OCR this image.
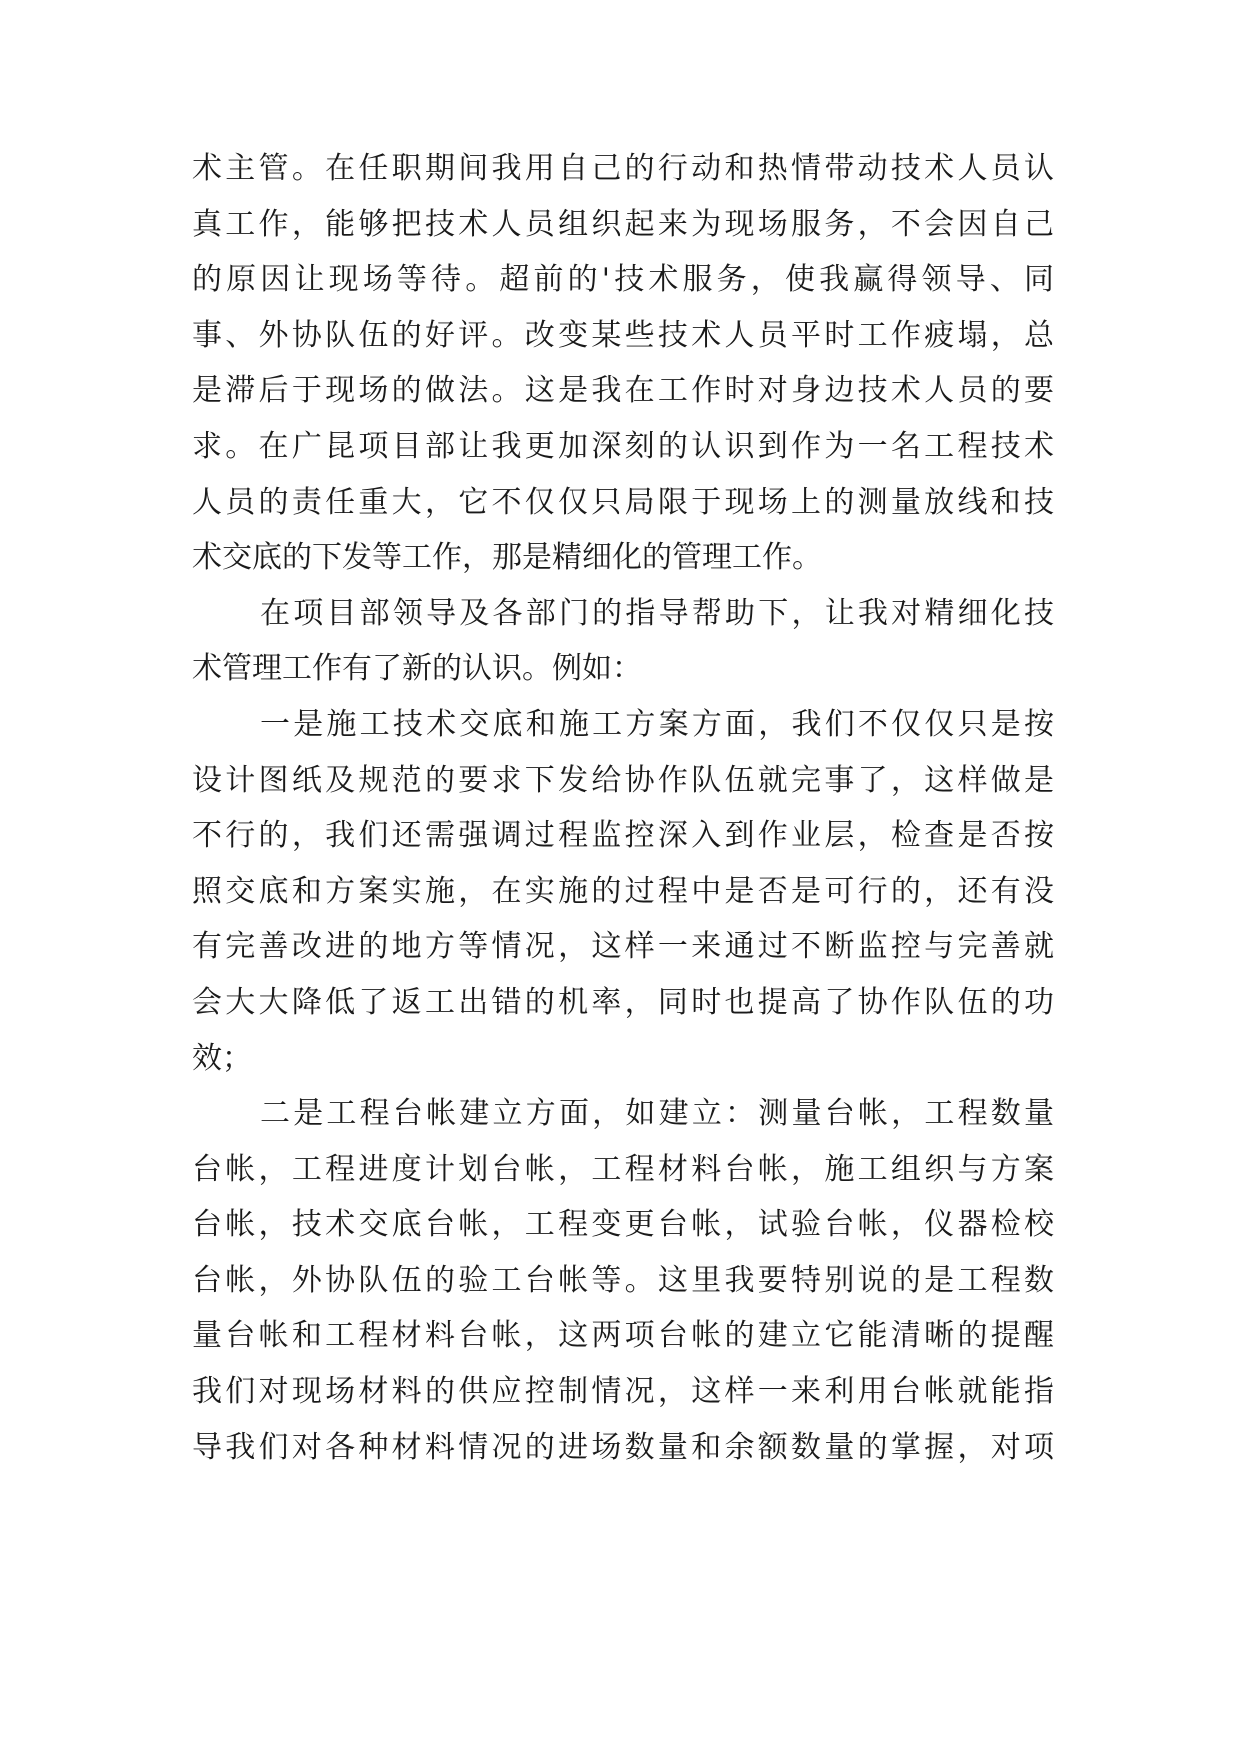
术主管。在任职期间我用自己的行动和热情带动技术人员认
真工作，能够把技术人员组织起来为现场服务，不会因自己
的原因让现场等待。超前的'技术服务，使我赢得领导、同
事、外协队伍的好评。改变某些技术人员平时工作疲塌，总
是滞后于现场的做法。这是我在工作时对身边技术人员的要
求。在广昆项目部让我更加深刻的认识到作为一名工程技术
人员的责任重大，它不仅仅只局限于现场上的测量放线和技
术交底的下发等工作，那是精细化的管理工作。
在项目部领导及各部门的指导帮助下，让我对精细化技
术管理工作有了新的认识。例如：
一是施工技术交底和施工方案方面，我们不仅仅只是按
设计图纸及规范的要求下发给协作队伍就完事了，这样做是
不行的，我们还需强调过程监控深入到作业层，检查是否按
照交底和方案实施，在实施的过程中是否是可行的，还有没
有完善改进的地方等情况，这样一来通过不断监控与完善就
会大大降低了返工出错的机率，同时也提高了协作队伍的功
效；
二是工程台帐建立方面，如建立：测量台帐，工程数量
台帐，工程进度计划台帐，工程材料台帐，施工组织与方案
台帐，技术交底台帐，工程变更台帐，试验台帐，仪器检校
台帐，外协队伍的验工台帐等。这里我要特别说的是工程数
量台帐和工程材料台帐，这两项台帐的建立它能清晰的提醒
我们对现场材料的供应控制情况，这样一来利用台帐就能指
导我们对各种材料情况的进场数量和余额数量的掌握，对项
